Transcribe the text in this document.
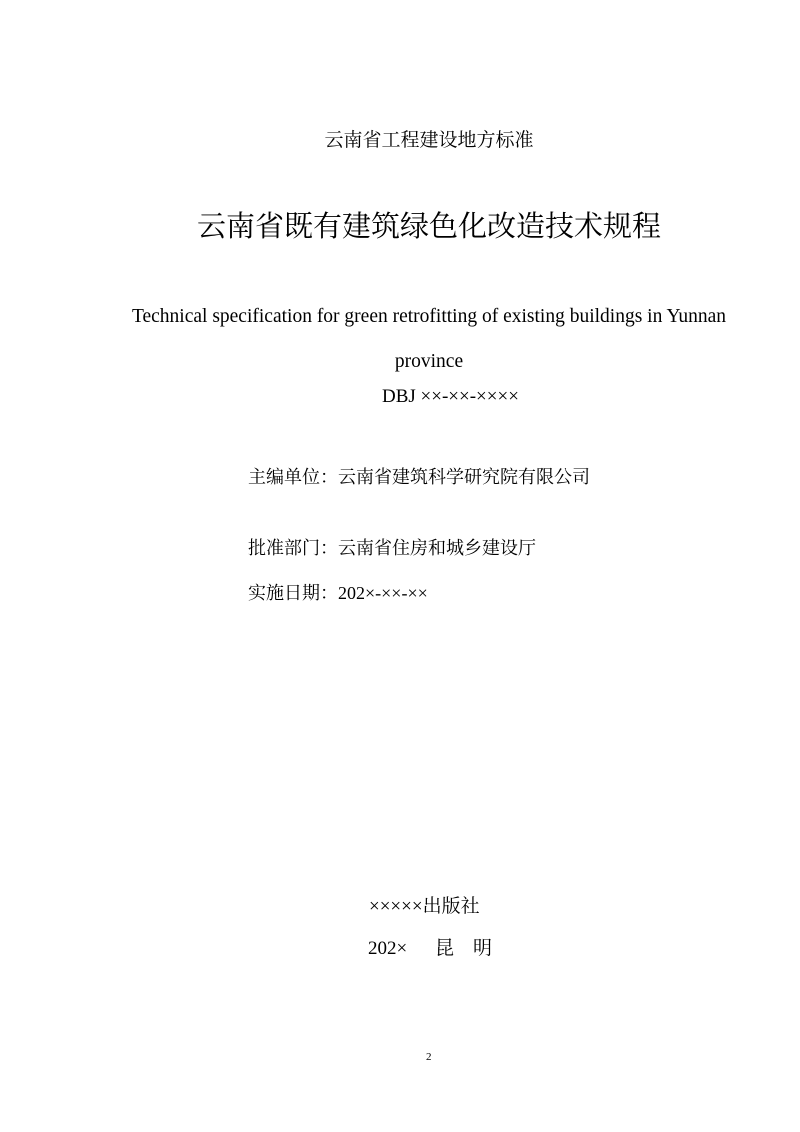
云南省工程建设地方标准
云南省既有建筑绿色化改造技术规程
Technical specification for green retrofitting of existing buildings in Yunnan
province
DBJ ××-××-××××
主编单位：云南省建筑科学研究院有限公司
批准部门：云南省住房和城乡建设厅
实施日期：202×-××-××
×××××出版社
202× 昆　明
2
